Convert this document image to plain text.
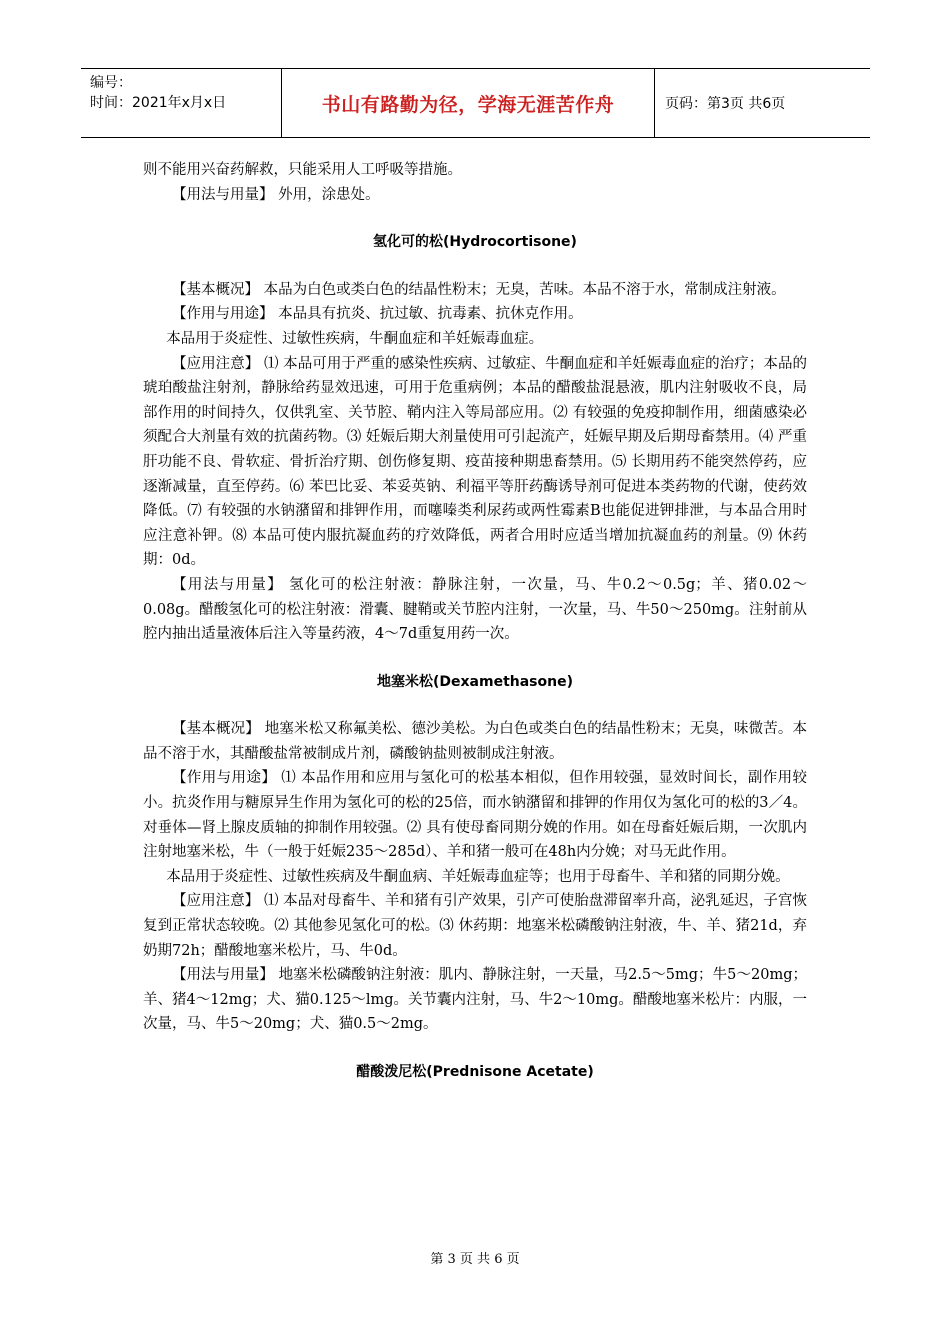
编号：
时间：2021年x月x日	书山有路勤为径，学海无涯苦作舟	页码：第3页 共6页

则不能用兴奋药解救，只能采用人工呼吸等措施。

【用法与用量】 外用，涂患处。

氢化可的松(Hydrocortisone)

【基本概况】 本品为白色或类白色的结晶性粉末；无臭，苦味。本品不溶于水，常制成注射液。

【作用与用途】 本品具有抗炎、抗过敏、抗毒素、抗休克作用。

本品用于炎症性、过敏性疾病，牛酮血症和羊妊娠毒血症。

【应用注意】 ⑴ 本品可用于严重的感染性疾病、过敏症、牛酮血症和羊妊娠毒血症的治疗；本品的琥珀酸盐注射剂，静脉给药显效迅速，可用于危重病例；本品的醋酸盐混悬液，肌内注射吸收不良，局部作用的时间持久，仅供乳室、关节腔、鞘内注入等局部应用。⑵ 有较强的免疫抑制作用，细菌感染必须配合大剂量有效的抗菌药物。⑶ 妊娠后期大剂量使用可引起流产，妊娠早期及后期母畜禁用。⑷ 严重肝功能不良、骨软症、骨折治疗期、创伤修复期、疫苗接种期患畜禁用。⑸ 长期用药不能突然停药，应逐渐减量，直至停药。⑹ 苯巴比妥、苯妥英钠、利福平等肝药酶诱导剂可促进本类药物的代谢，使药效降低。⑺ 有较强的水钠潴留和排钾作用，而噻嗪类利尿药或两性霉素B也能促进钾排泄，与本品合用时应注意补钾。⑻ 本品可使内服抗凝血药的疗效降低，两者合用时应适当增加抗凝血药的剂量。⑼ 休药期：0d。

【用法与用量】 氢化可的松注射液：静脉注射，一次量，马、牛0.2～0.5g；羊、猪0.02～0.08g。醋酸氢化可的松注射液：滑囊、腱鞘或关节腔内注射，一次量，马、牛50～250mg。注射前从腔内抽出适量液体后注入等量药液，4～7d重复用药一次。

地塞米松(Dexamethasone)

【基本概况】 地塞米松又称氟美松、德沙美松。为白色或类白色的结晶性粉末；无臭，味微苦。本品不溶于水，其醋酸盐常被制成片剂，磷酸钠盐则被制成注射液。

【作用与用途】 ⑴ 本品作用和应用与氢化可的松基本相似，但作用较强，显效时间长，副作用较小。抗炎作用与糖原异生作用为氢化可的松的25倍，而水钠潴留和排钾的作用仅为氢化可的松的3／4。对垂体—肾上腺皮质轴的抑制作用较强。⑵ 具有使母畜同期分娩的作用。如在母畜妊娠后期，一次肌内注射地塞米松，牛（一般于妊娠235～285d）、羊和猪一般可在48h内分娩；对马无此作用。

本品用于炎症性、过敏性疾病及牛酮血病、羊妊娠毒血症等；也用于母畜牛、羊和猪的同期分娩。

【应用注意】 ⑴ 本品对母畜牛、羊和猪有引产效果，引产可使胎盘滞留率升高，泌乳延迟，子宫恢复到正常状态较晚。⑵ 其他参见氢化可的松。⑶ 休药期：地塞米松磷酸钠注射液，牛、羊、猪21d，弃奶期72h；醋酸地塞米松片，马、牛0d。

【用法与用量】 地塞米松磷酸钠注射液：肌内、静脉注射，一天量，马2.5～5mg；牛5～20mg；羊、猪4～12mg；犬、猫0.125～lmg。关节囊内注射，马、牛2～10mg。醋酸地塞米松片：内服，一次量，马、牛5～20mg；犬、猫0.5～2mg。

醋酸泼尼松(Prednisone Acetate)

第 3 页 共 6 页
